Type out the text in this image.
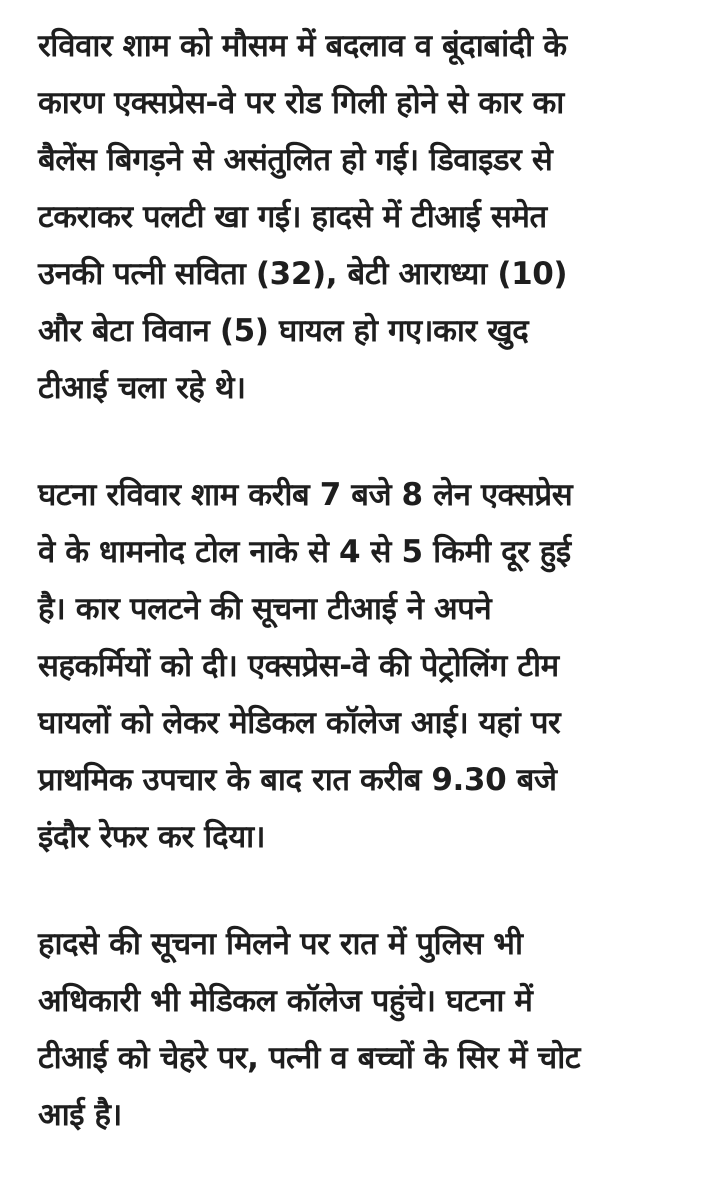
रविवार शाम को मौसम में बदलाव व बूंदाबांदी के
कारण एक्सप्रेस-वे पर रोड गिली होने से कार का
बैलेंस बिगड़ने से असंतुलित हो गई। डिवाइडर से
टकराकर पलटी खा गई। हादसे में टीआई समेत
उनकी पत्नी सविता (32), बेटी आराध्या (10)
और बेटा विवान (5) घायल हो गए।कार खुद
टीआई चला रहे थे।

घटना रविवार शाम करीब 7 बजे 8 लेन एक्सप्रेस
वे के धामनोद टोल नाके से 4 से 5 किमी दूर हुई
है। कार पलटने की सूचना टीआई ने अपने
सहकर्मियों को दी। एक्सप्रेस-वे की पेट्रोलिंग टीम
घायलों को लेकर मेडिकल कॉलेज आई। यहां पर
प्राथमिक उपचार के बाद रात करीब 9.30 बजे
इंदौर रेफर कर दिया।

हादसे की सूचना मिलने पर रात में पुलिस भी
अधिकारी भी मेडिकल कॉलेज पहुंचे। घटना में
टीआई को चेहरे पर, पत्नी व बच्चों के सिर में चोट
आई है।
